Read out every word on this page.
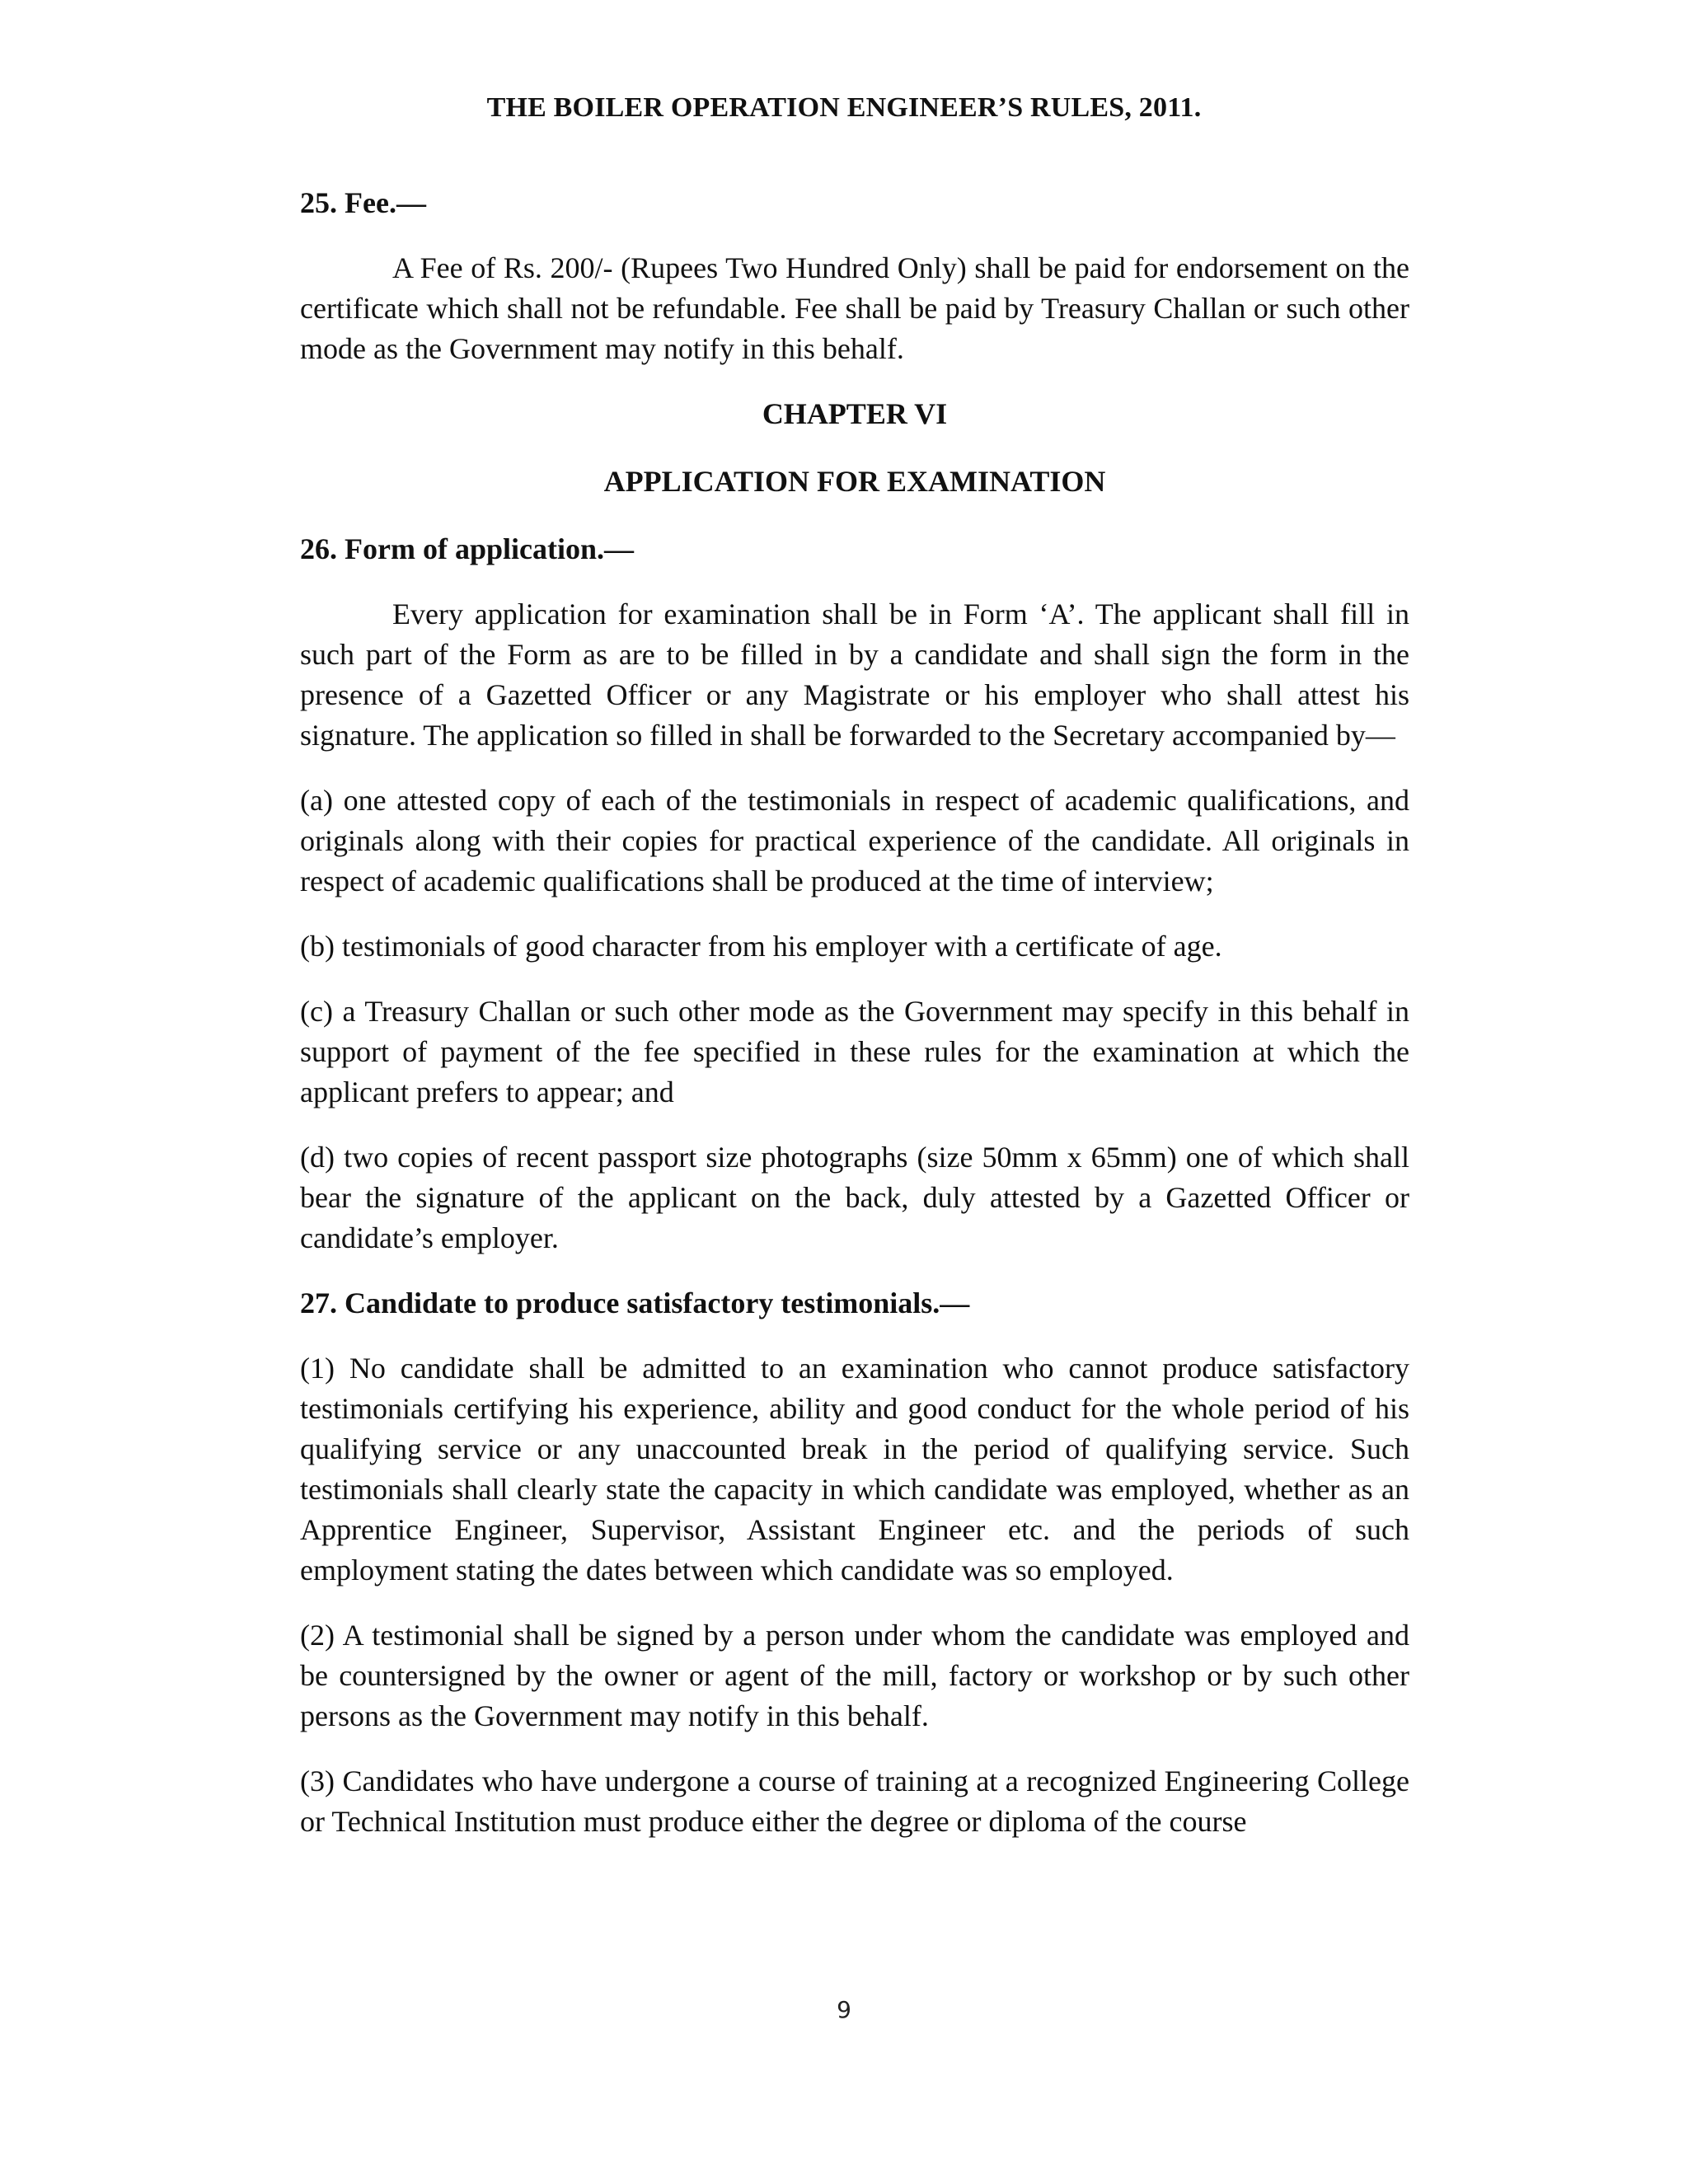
THE BOILER OPERATION ENGINEER’S RULES, 2011.
25. Fee.—

A Fee of Rs. 200/- (Rupees Two Hundred Only) shall be paid for endorsement on the certificate which shall not be refundable. Fee shall be paid by Treasury Challan or such other mode as the Government may notify in this behalf.

CHAPTER VI
APPLICATION FOR EXAMINATION
26. Form of application.—

Every application for examination shall be in Form ‘A’. The applicant shall fill in such part of the Form as are to be filled in by a candidate and shall sign the form in the presence of a Gazetted Officer or any Magistrate or his employer who shall attest his signature. The application so filled in shall be forwarded to the Secretary accompanied by—

(a) one attested copy of each of the testimonials in respect of academic qualifications, and originals along with their copies for practical experience of the candidate. All originals in respect of academic qualifications shall be produced at the time of interview;

(b) testimonials of good character from his employer with a certificate of age.

(c) a Treasury Challan or such other mode as the Government may specify in this behalf in support of payment of the fee specified in these rules for the examination at which the applicant prefers to appear; and

(d) two copies of recent passport size photographs (size 50mm x 65mm) one of which shall bear the signature of the applicant on the back, duly attested by a Gazetted Officer or candidate’s employer.

27. Candidate to produce satisfactory testimonials.—

(1) No candidate shall be admitted to an examination who cannot produce satisfactory testimonials certifying his experience, ability and good conduct for the whole period of his qualifying service or any unaccounted break in the period of qualifying service. Such testimonials shall clearly state the capacity in which candidate was employed, whether as an Apprentice Engineer, Supervisor, Assistant Engineer etc. and the periods of such employment stating the dates between which candidate was so employed.

(2) A testimonial shall be signed by a person under whom the candidate was employed and be countersigned by the owner or agent of the mill, factory or workshop or by such other persons as the Government may notify in this behalf.

(3) Candidates who have undergone a course of training at a recognized Engineering College or Technical Institution must produce either the degree or diploma of the course

9
